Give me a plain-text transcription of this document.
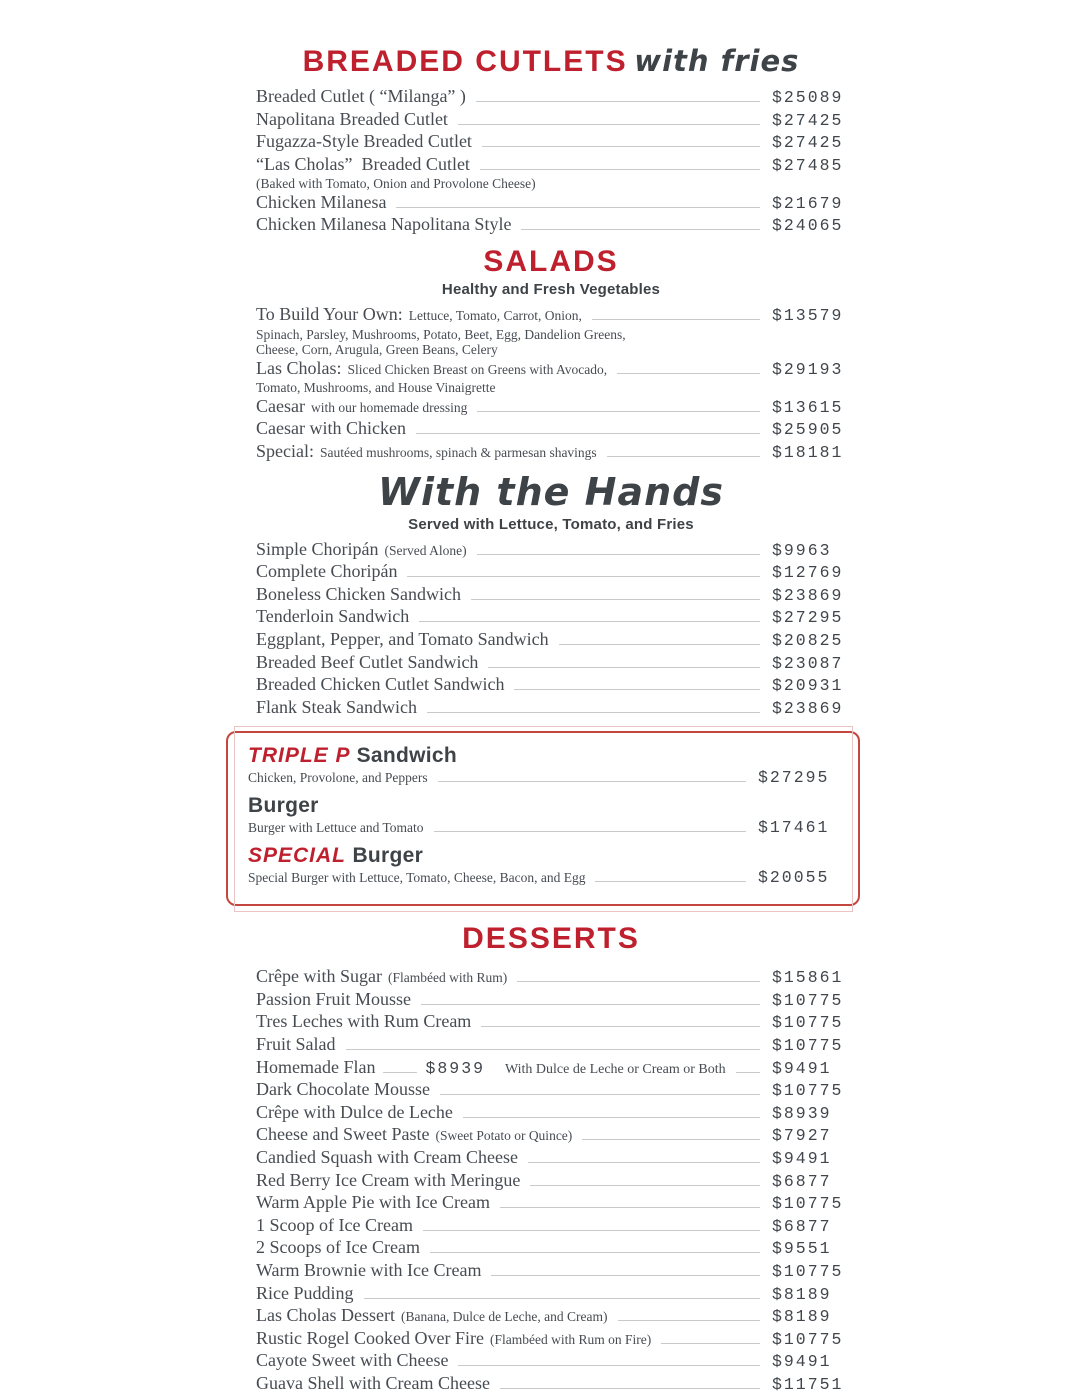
BREADED CUTLETS with fries
Breaded Cutlet ( “Milanga” )	$25089
Napolitana Breaded Cutlet	$27425
Fugazza-Style Breaded Cutlet	$27425
“Las Cholas”  Breaded Cutlet	$27485
(Baked with Tomato, Onion and Provolone Cheese)
Chicken Milanesa	$21679
Chicken Milanesa Napolitana Style	$24065
SALADS

Healthy and Fresh Vegetables

To Build Your Own: Lettuce, Tomato, Carrot, Onion,	$13579
Spinach, Parsley, Mushrooms, Potato, Beet, Egg, Dandelion Greens,
Cheese, Corn, Arugula, Green Beans, Celery
Las Cholas: Sliced Chicken Breast on Greens with Avocado,	$29193
Tomato, Mushrooms, and House Vinaigrette
Caesar with our homemade dressing	$13615
Caesar with Chicken	$25905
Special: Sautéed mushrooms, spinach & parmesan shavings	$18181
With the Hands

Served with Lettuce, Tomato, and Fries

Simple Choripán (Served Alone)	$9963
Complete Choripán	$12769
Boneless Chicken Sandwich	$23869
Tenderloin Sandwich	$27295
Eggplant, Pepper, and Tomato Sandwich	$20825
Breaded Beef Cutlet Sandwich	$23087
Breaded Chicken Cutlet Sandwich	$20931
Flank Steak Sandwich	$23869
TRIPLE P Sandwich
Chicken, Provolone, and Peppers	$27295
Burger
Burger with Lettuce and Tomato	$17461
SPECIAL Burger
Special Burger with Lettuce, Tomato, Cheese, Bacon, and Egg	$20055
DESSERTS
Crêpe with Sugar (Flambéed with Rum)	$15861
Passion Fruit Mousse	$10775
Tres Leches with Rum Cream	$10775
Fruit Salad	$10775
Homemade Flan	$8939 With Dulce de Leche or Cream or Both	$9491
Dark Chocolate Mousse	$10775
Crêpe with Dulce de Leche	$8939
Cheese and Sweet Paste (Sweet Potato or Quince)	$7927
Candied Squash with Cream Cheese	$9491
Red Berry Ice Cream with Meringue	$6877
Warm Apple Pie with Ice Cream	$10775
1 Scoop of Ice Cream	$6877
2 Scoops of Ice Cream	$9551
Warm Brownie with Ice Cream	$10775
Rice Pudding	$8189
Las Cholas Dessert (Banana, Dulce de Leche, and Cream)	$8189
Rustic Rogel Cooked Over Fire (Flambéed with Rum on Fire)	$10775
Cayote Sweet with Cheese	$9491
Guava Shell with Cream Cheese	$11751
